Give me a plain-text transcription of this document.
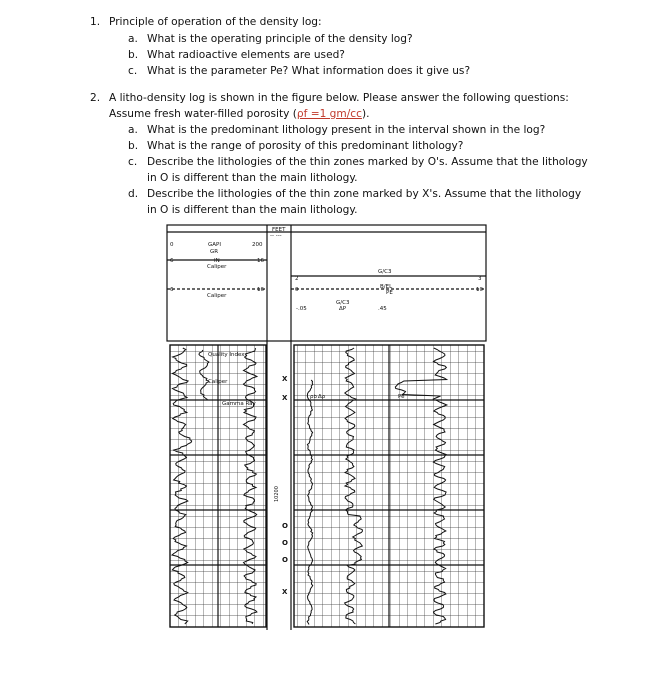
1. Principle of operation of the density log:
a. What is the operating principle of the density log?
b. What radioactive elements are used?
c. What is the parameter Pe? What information does it give us?
2. A litho-density log is shown in the figure below. Please answer the following questions:
Assume fresh water-filled porosity (ρf =1 gm/cc).
a. What is the predominant lithology present in the interval shown in the log?
b. What is the range of porosity of this predominant lithology?
c. Describe the lithologies of the thin zones marked by O's. Assume that the lithology
in O is different than the main lithology.
d. Describe the lithologies of the thin zone marked by X's. Assume that the lithology
in O is different than the main lithology.
GAPI
GR
IN
Caliper
0	200
6	16
6	16
Caliper
FEET
-- ---
G/C3
2	3
B/EL
PE
0	10
G/C3
ΔP
-.05	.45
Quality Index
Caliper
Gamma Ray
ρb	Pe
Δρ
10200
X
X
O
O
O
X
